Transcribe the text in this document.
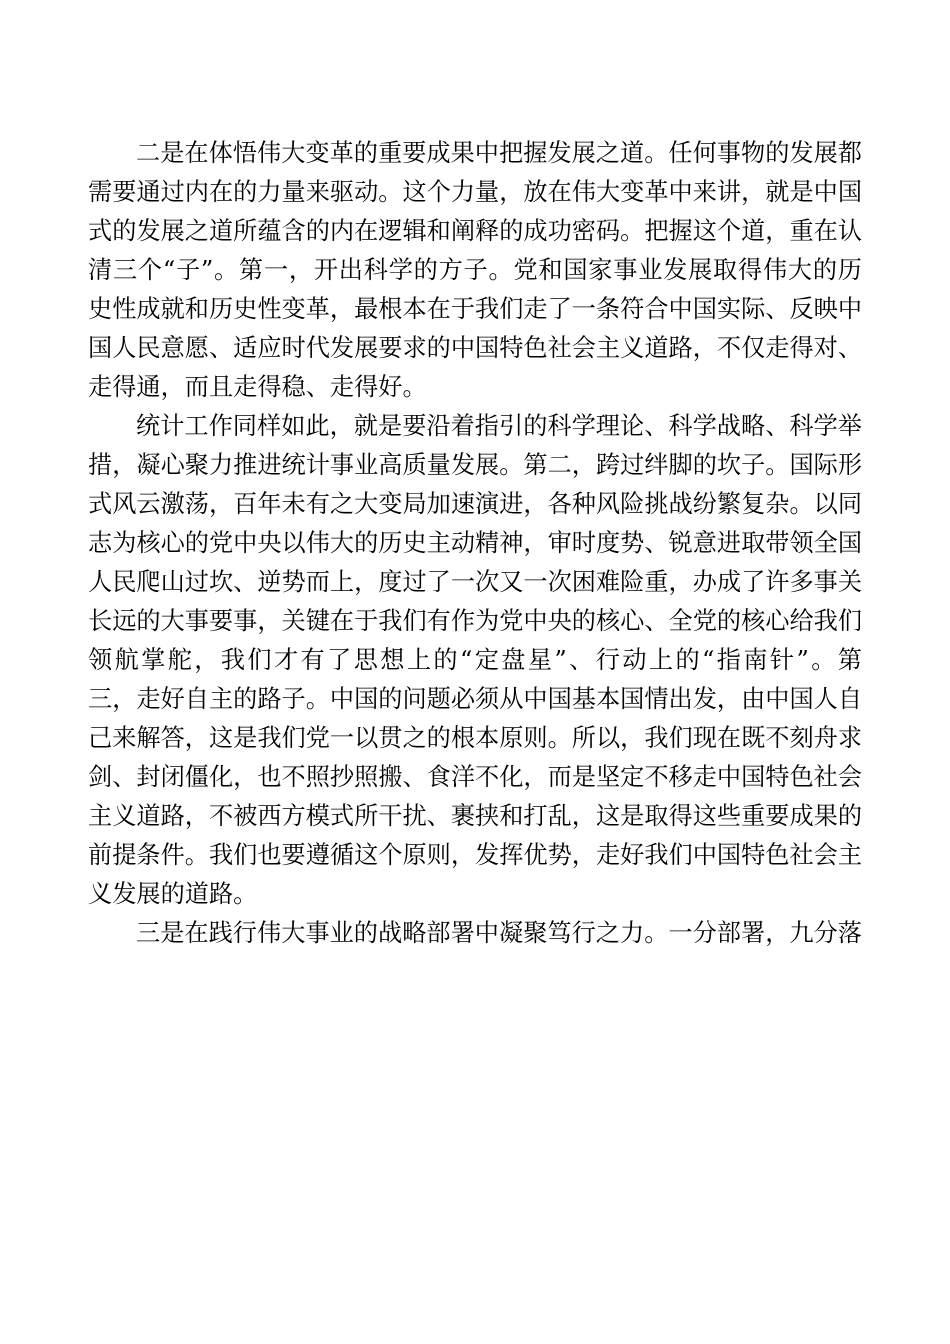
二是在体悟伟大变革的重要成果中把握发展之道。任何事物的发展都
需要通过内在的力量来驱动。这个力量，放在伟大变革中来讲，就是中国
式的发展之道所蕴含的内在逻辑和阐释的成功密码。把握这个道，重在认
清三个“子”。第一，开出科学的方子。党和国家事业发展取得伟大的历
史性成就和历史性变革，最根本在于我们走了一条符合中国实际、反映中
国人民意愿、适应时代发展要求的中国特色社会主义道路，不仅走得对、
走得通，而且走得稳、走得好。
统计工作同样如此，就是要沿着指引的科学理论、科学战略、科学举
措，凝心聚力推进统计事业高质量发展。第二，跨过绊脚的坎子。国际形
式风云激荡，百年未有之大变局加速演进，各种风险挑战纷繁复杂。以同
志为核心的党中央以伟大的历史主动精神，审时度势、锐意进取带领全国
人民爬山过坎、逆势而上，度过了一次又一次困难险重，办成了许多事关
长远的大事要事，关键在于我们有作为党中央的核心、全党的核心给我们
领航掌舵，我们才有了思想上的“定盘星”、行动上的“指南针”。第
三，走好自主的路子。中国的问题必须从中国基本国情出发，由中国人自
己来解答，这是我们党一以贯之的根本原则。所以，我们现在既不刻舟求
剑、封闭僵化，也不照抄照搬、食洋不化，而是坚定不移走中国特色社会
主义道路，不被西方模式所干扰、裹挟和打乱，这是取得这些重要成果的
前提条件。我们也要遵循这个原则，发挥优势，走好我们中国特色社会主
义发展的道路。
三是在践行伟大事业的战略部署中凝聚笃行之力。一分部署，九分落
